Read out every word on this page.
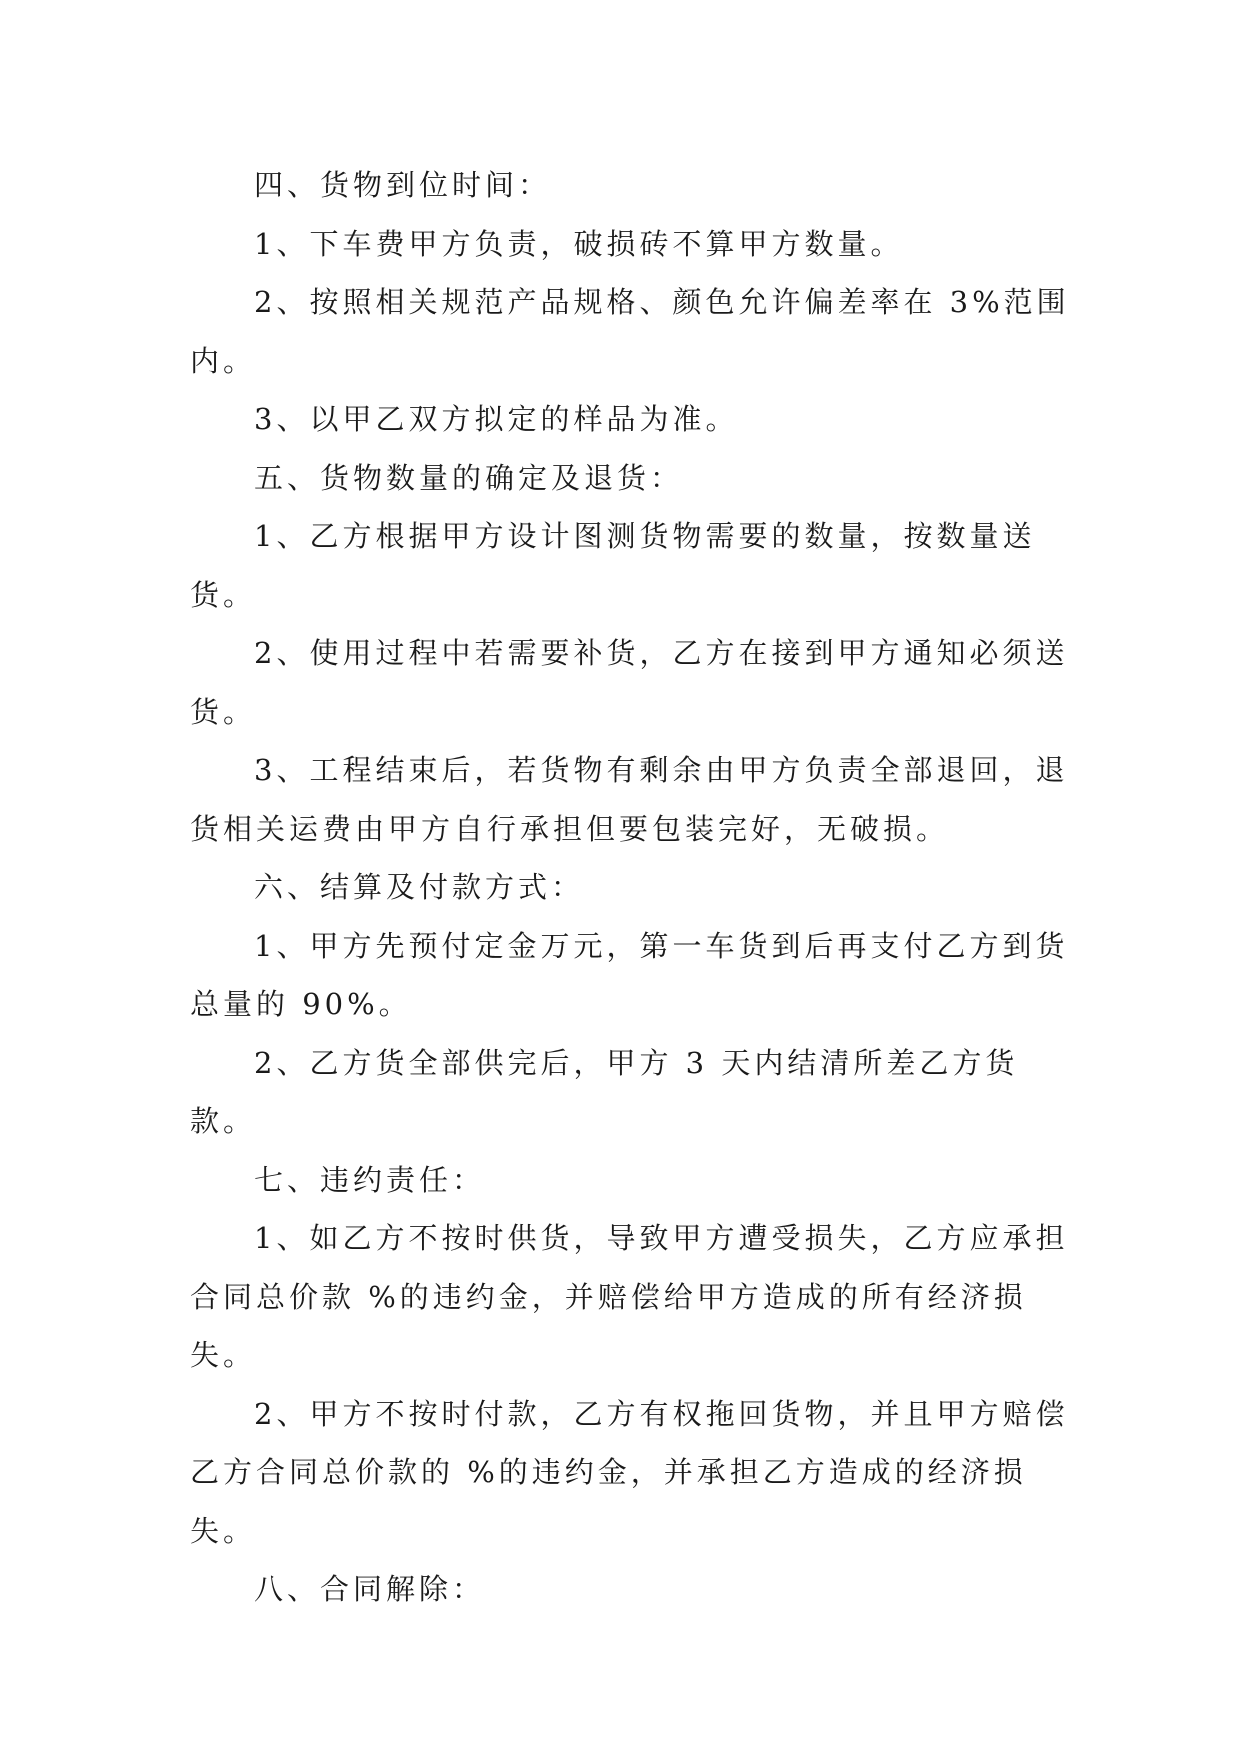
四、货物到位时间：

1、下车费甲方负责，破损砖不算甲方数量。

2、按照相关规范产品规格、颜色允许偏差率在 3%范围内。

3、以甲乙双方拟定的样品为准。

五、货物数量的确定及退货：

1、乙方根据甲方设计图测货物需要的数量，按数量送货。

2、使用过程中若需要补货，乙方在接到甲方通知必须送货。

3、工程结束后，若货物有剩余由甲方负责全部退回，退货相关运费由甲方自行承担但要包装完好，无破损。

六、结算及付款方式：

1、甲方先预付定金万元，第一车货到后再支付乙方到货总量的 90%。

2、乙方货全部供完后，甲方 3 天内结清所差乙方货款。

七、违约责任：

1、如乙方不按时供货，导致甲方遭受损失，乙方应承担合同总价款 %的违约金，并赔偿给甲方造成的所有经济损失。

2、甲方不按时付款，乙方有权拖回货物，并且甲方赔偿乙方合同总价款的 %的违约金，并承担乙方造成的经济损失。

八、合同解除：
